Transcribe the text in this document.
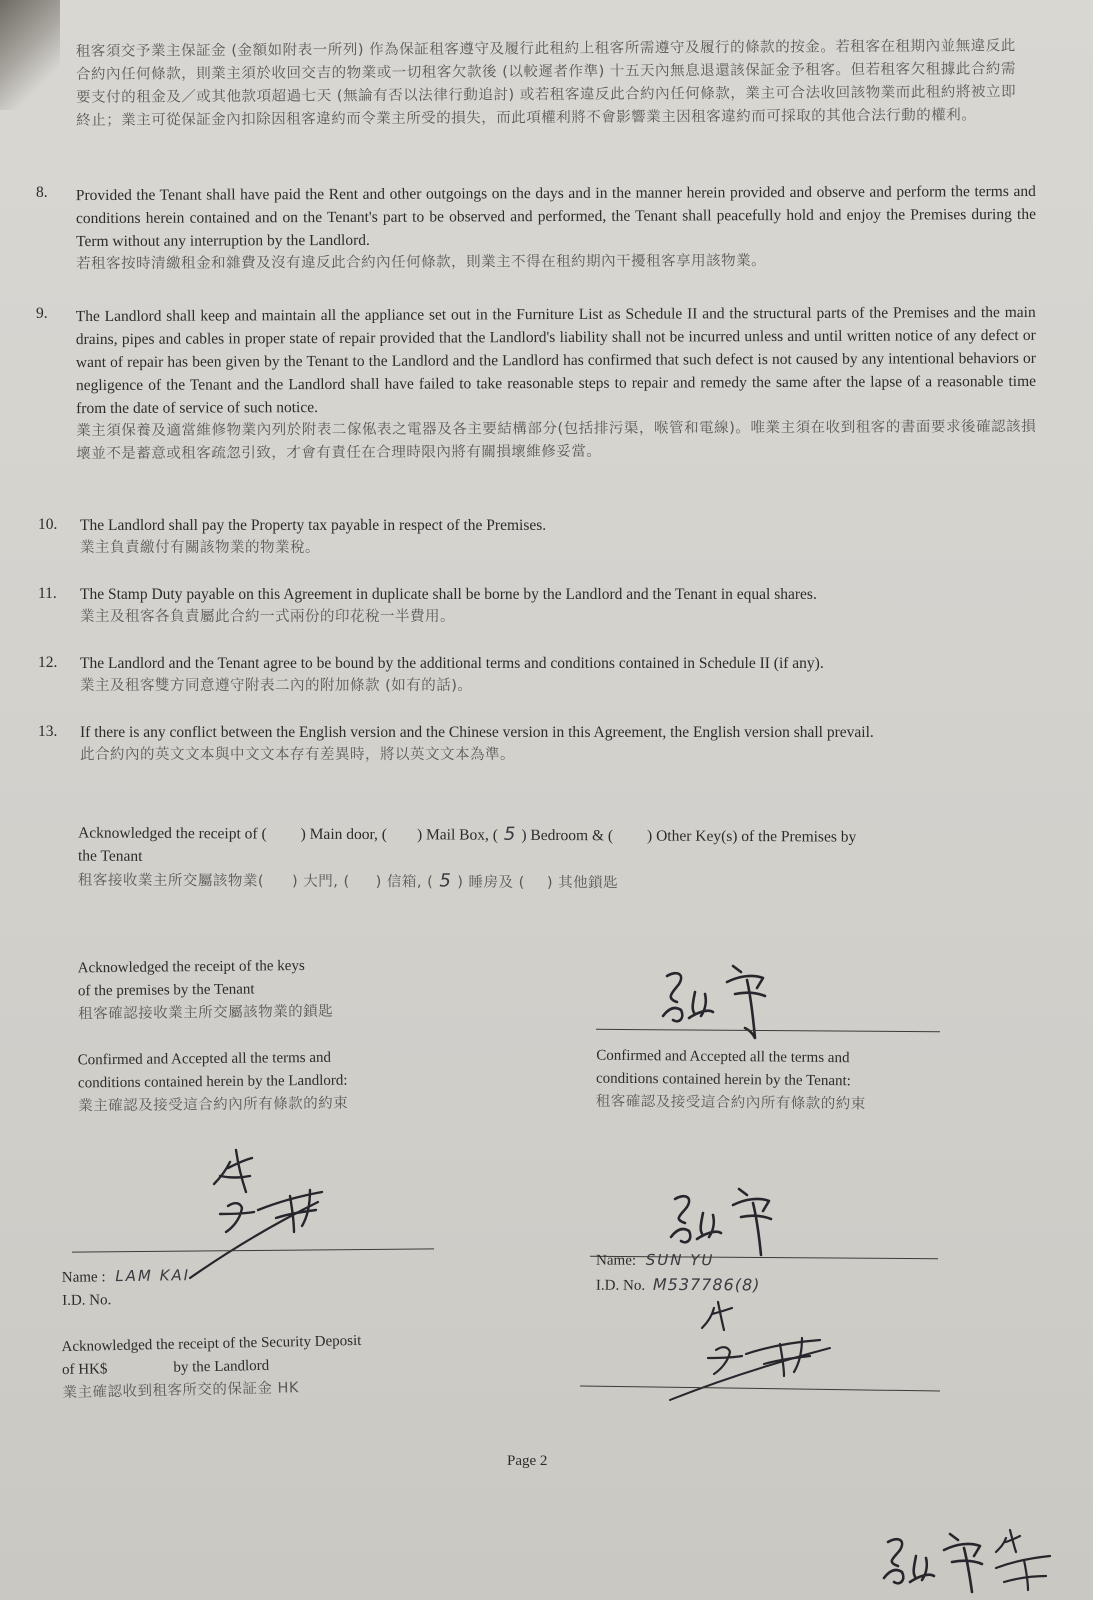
租客須交予業主保証金 (金額如附表一所列) 作為保証租客遵守及履行此租約上租客所需遵守及履行的條款的按金。若租客在租期內並無違反此合約內任何條款，則業主須於收回交吉的物業或一切租客欠款後 (以較遲者作準) 十五天內無息退還該保証金予租客。但若租客欠租據此合約需要支付的租金及／或其他款項超過七天 (無論有否以法律行動追討) 或若租客違反此合約內任何條款，業主可合法收回該物業而此租約將被立即終止；業主可從保証金內扣除因租客違約而令業主所受的損失，而此項權利將不會影響業主因租客違約而可採取的其他合法行動的權利。
8. Provided the Tenant shall have paid the Rent and other outgoings on the days and in the manner herein provided and observe and perform the terms and conditions herein contained and on the Tenant's part to be observed and performed, the Tenant shall peacefully hold and enjoy the Premises during the Term without any interruption by the Landlord.

若租客按時清繳租金和雜費及沒有違反此合約內任何條款，則業主不得在租約期內干擾租客享用該物業。

9. The Landlord shall keep and maintain all the appliance set out in the Furniture List as Schedule II and the structural parts of the Premises and the main drains, pipes and cables in proper state of repair provided that the Landlord's liability shall not be incurred unless and until written notice of any defect or want of repair has been given by the Tenant to the Landlord and the Landlord has confirmed that such defect is not caused by any intentional behaviors or negligence of the Tenant and the Landlord shall have failed to take reasonable steps to repair and remedy the same after the lapse of a reasonable time from the date of service of such notice.

業主須保養及適當維修物業內列於附表二傢俬表之電器及各主要結構部分(包括排污渠，喉管和電線)。唯業主須在收到租客的書面要求後確認該損壞並不是蓄意或租客疏忽引致，才會有責任在合理時限內將有關損壞維修妥當。

10. The Landlord shall pay the Property tax payable in respect of the Premises.

業主負責繳付有關該物業的物業稅。

11. The Stamp Duty payable on this Agreement in duplicate shall be borne by the Landlord and the Tenant in equal shares.

業主及租客各負責屬此合約一式兩份的印花稅一半費用。

12. The Landlord and the Tenant agree to be bound by the additional terms and conditions contained in Schedule II (if any).

業主及租客雙方同意遵守附表二內的附加條款 (如有的話)。

13. If there is any conflict between the English version and the Chinese version in this Agreement, the English version shall prevail.

此合約內的英文文本與中文文本存有差異時，將以英文文本為準。

Acknowledged the receipt of ( ) Main door, ( ) Mail Box, ( 5 ) Bedroom & ( ) Other Key(s) of the Premises by
the Tenant
租客接收業主所交屬該物業( ) 大門, ( ) 信箱, ( 5 ) 睡房及 ( ) 其他鎖匙
Acknowledged the receipt of the keys
of the premises by the Tenant
租客確認接收業主所交屬該物業的鎖匙
Confirmed and Accepted all the terms and
conditions contained herein by the Landlord:
業主確認及接受這合約內所有條款的約束
Confirmed and Accepted all the terms and
conditions contained herein by the Tenant:
租客確認及接受這合約內所有條款的約束
Name : LAM KAI
I.D. No.
Name: SUN YU
I.D. No. M537786(8)
Acknowledged the receipt of the Security Deposit
of HK$	by the Landlord
業主確認收到租客所交的保証金 HK
Page 2
